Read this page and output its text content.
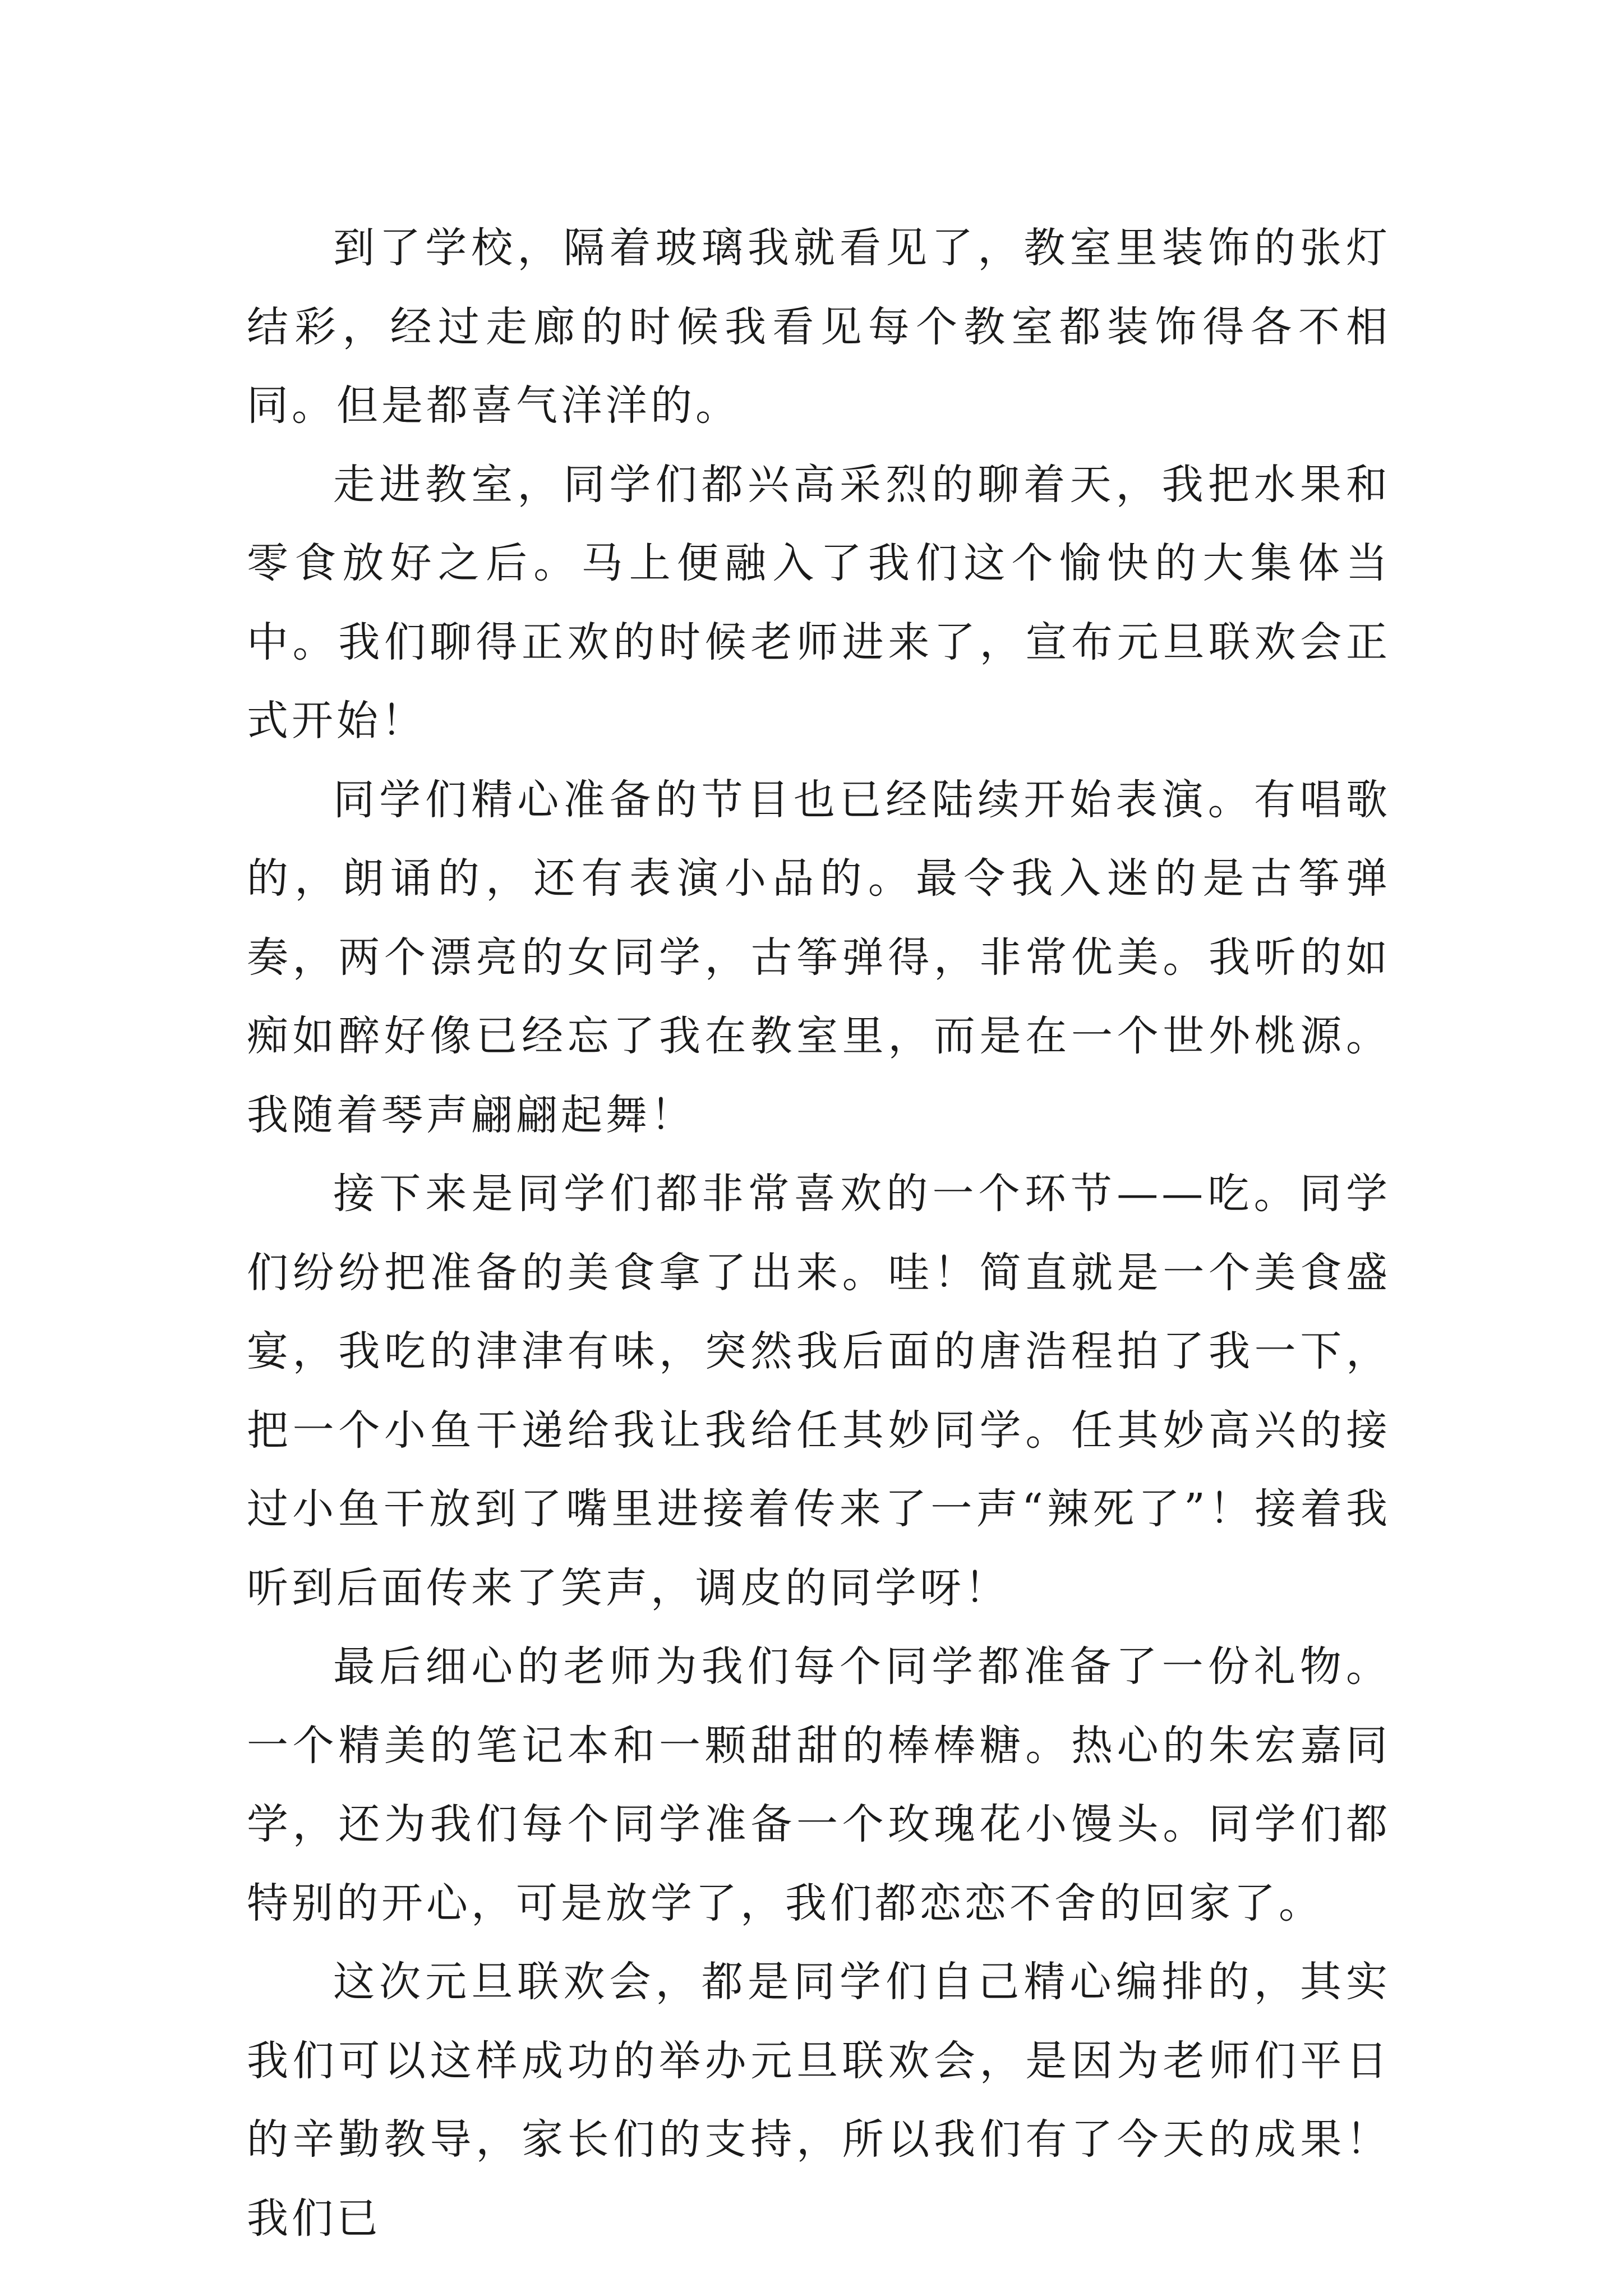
到了学校，隔着玻璃我就看见了，教室里装饰的张灯结彩，经过走廊的时候我看见每个教室都装饰得各不相同。但是都喜气洋洋的。

走进教室，同学们都兴高采烈的聊着天，我把水果和零食放好之后。马上便融入了我们这个愉快的大集体当中。我们聊得正欢的时候老师进来了，宣布元旦联欢会正式开始！

同学们精心准备的节目也已经陆续开始表演。有唱歌的，朗诵的，还有表演小品的。最令我入迷的是古筝弹奏，两个漂亮的女同学，古筝弹得，非常优美。我听的如痴如醉好像已经忘了我在教室里，而是在一个世外桃源。我随着琴声翩翩起舞！

接下来是同学们都非常喜欢的一个环节——吃。同学们纷纷把准备的美食拿了出来。哇！简直就是一个美食盛宴，我吃的津津有味，突然我后面的唐浩程拍了我一下，把一个小鱼干递给我让我给任其妙同学。任其妙高兴的接过小鱼干放到了嘴里进接着传来了一声“辣死了”！接着我听到后面传来了笑声，调皮的同学呀！

最后细心的老师为我们每个同学都准备了一份礼物。一个精美的笔记本和一颗甜甜的棒棒糖。热心的朱宏嘉同学，还为我们每个同学准备一个玫瑰花小馒头。同学们都特别的开心，可是放学了，我们都恋恋不舍的回家了。

这次元旦联欢会，都是同学们自己精心编排的，其实我们可以这样成功的举办元旦联欢会，是因为老师们平日的辛勤教导，家长们的支持，所以我们有了今天的成果！我们已
